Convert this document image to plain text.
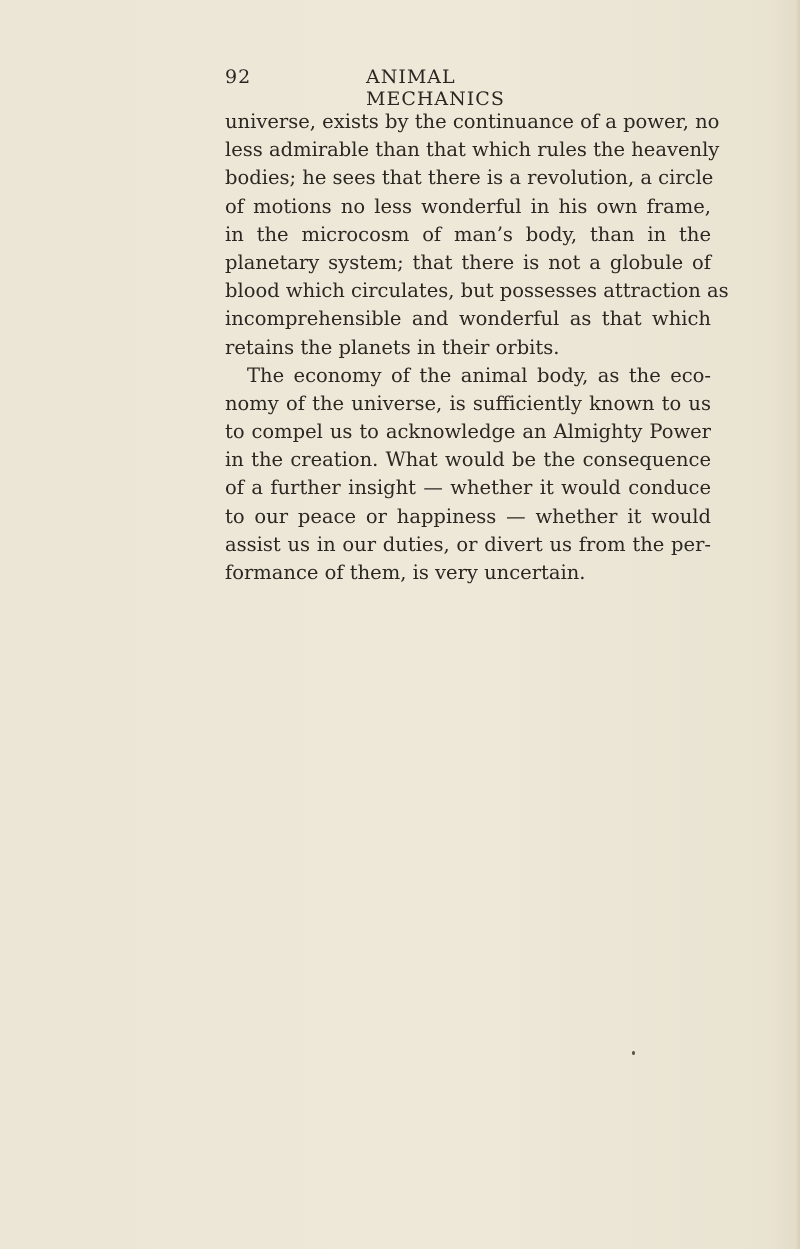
92	ANIMAL MECHANICS
universe, exists by the continuance of a power, no
less admirable than that which rules the heavenly
bodies; he sees that there is a revolution, a circle
of motions no less wonderful in his own frame,
in the microcosm of man’s body, than in the
planetary system; that there is not a globule of
blood which circulates, but possesses attraction as
incomprehensible and wonderful as that which
retains the planets in their orbits.
The economy of the animal body, as the eco-
nomy of the universe, is sufficiently known to us
to compel us to acknowledge an Almighty Power
in the creation. What would be the consequence
of a further insight — whether it would conduce
to our peace or happiness — whether it would
assist us in our duties, or divert us from the per-
formance of them, is very uncertain.
